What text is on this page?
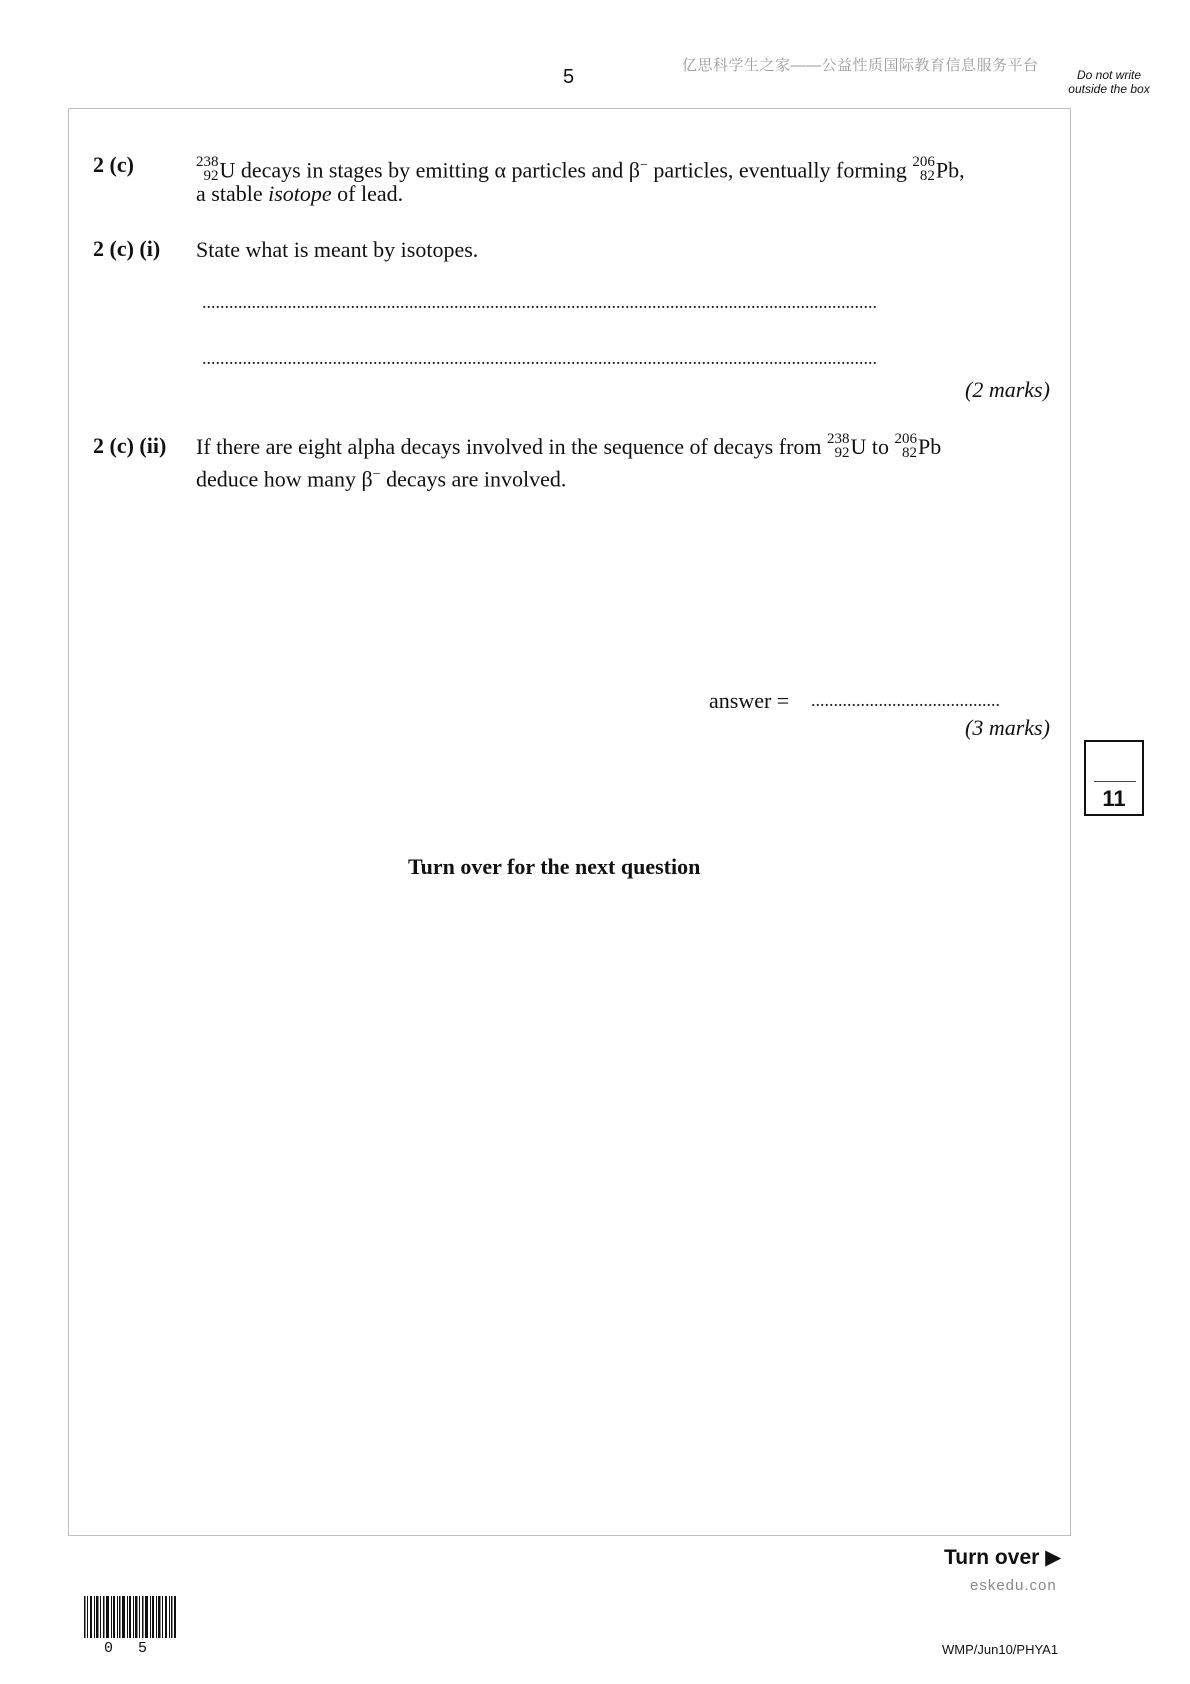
5
亿思科学生之家——公益性质国际教育信息服务平台
Do not write outside the box
2 (c)	238
92 U decays in stages by emitting α particles and β− particles, eventually forming 206
82 Pb,
a stable isotope of lead.
2 (c) (i) State what is meant by isotopes.
......................................................................................................................................................
......................................................................................................................................................
(2 marks)
2 (c) (ii) If there are eight alpha decays involved in the sequence of decays from 238
92 U to 206
82 Pb
deduce how many β− decays are involved.
answer = ..........................................
(3 marks)
11
Turn over for the next question
Turn over ▶
eskedu.con
0 5	WMP/Jun10/PHYA1
